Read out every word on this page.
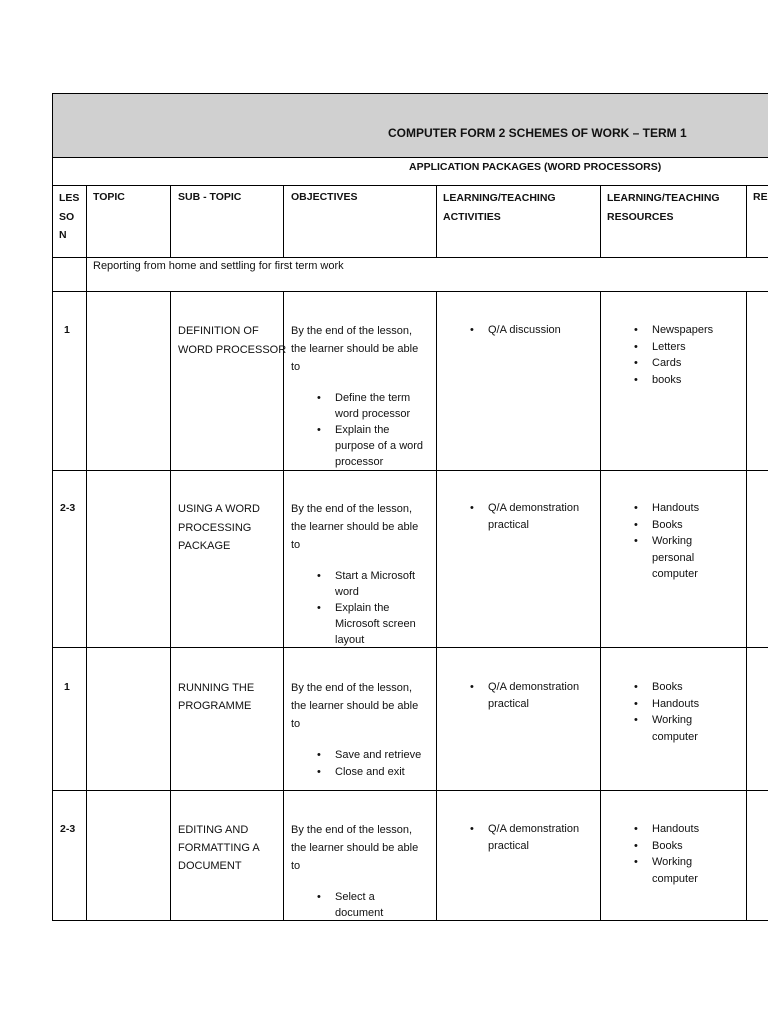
COMPUTER FORM 2 SCHEMES OF WORK – TERM 1
APPLICATION PACKAGES (WORD PROCESSORS)
LES
SO
N
TOPIC	SUB - TOPIC	OBJECTIVES	LEARNING/TEACHING
ACTIVITIES
LEARNING/TEACHING
RESOURCES
RE
Reporting from home and settling for first term work
1	DEFINITION OF
WORD PROCESSOR
By the end of the lesson,
the learner should be able
to
• Define the term
word processor
• Explain the
purpose of a word
processor
• Q/A discussion
•	Newspapers
• Letters
• Cards
• books
2-3	USING A WORD
PROCESSING
PACKAGE
By the end of the lesson,
the learner should be able
to
• Start a Microsoft
word
• Explain the
Microsoft screen
layout
• Q/A demonstration
practical
• Handouts
• Books
• Working
personal
computer
1	RUNNING THE
PROGRAMME
By the end of the lesson,
the learner should be able
to
• Save and retrieve
• Close and exit
• Q/A demonstration
practical
• Books
• Handouts
• Working
computer
2-3	EDITING AND
FORMATTING A
DOCUMENT
By the end of the lesson,
the learner should be able
to
• Select a
document
• Q/A demonstration
practical
• Handouts
• Books
• Working
computer
